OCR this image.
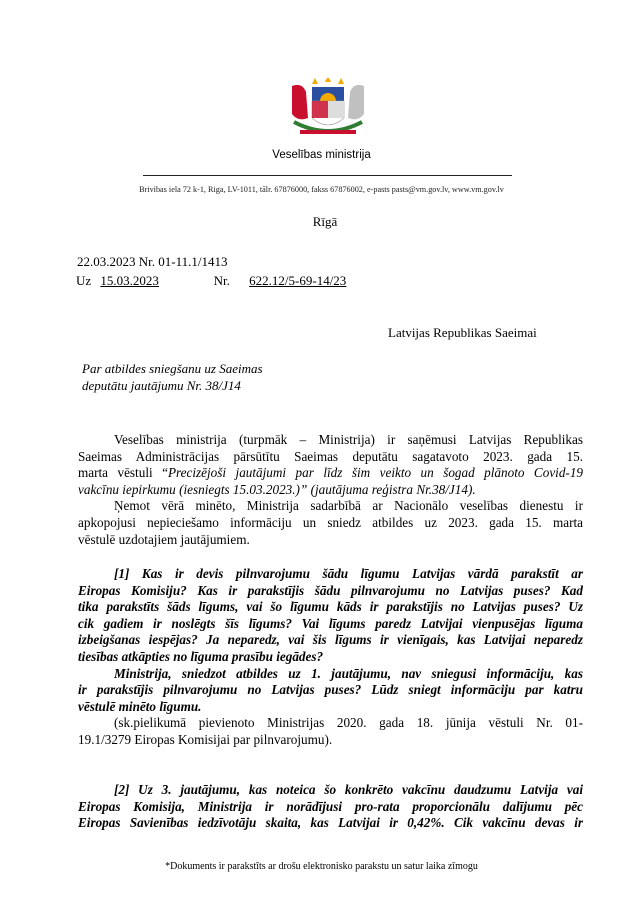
Veselības ministrija
Brivibas iela 72 k-1, Riga, LV-1011, tālr. 67876000, fakss 67876002, e-pasts pasts@vm.gov.lv, www.vm.gov.lv
Rīgā
22.03.2023 Nr. 01-11.1/1413
Uz 15.03.2023	Nr. 622.12/5-69-14/23
Latvijas Republikas Saeimai
Par atbildes sniegšanu uz Saeimas
deputātu jautājumu Nr. 38/J14
Veselības ministrija (turpmāk – Ministrija) ir saņēmusi Latvijas Republikas
Saeimas Administrācijas pārsūtītu Saeimas deputātu sagatavoto 2023. gada 15.
marta vēstuli “Precizējoši jautājumi par līdz šim veikto un šogad plānoto Covid-19
vakcīnu iepirkumu (iesniegts 15.03.2023.)” (jautājuma reģistra Nr.38/J14).
Ņemot vērā minēto, Ministrija sadarbībā ar Nacionālo veselības dienestu ir
apkopojusi nepieciešamo informāciju un sniedz atbildes uz 2023. gada 15. marta
vēstulē uzdotajiem jautājumiem.
[1] Kas ir devis pilnvarojumu šādu līgumu Latvijas vārdā parakstīt ar
Eiropas Komisiju? Kas ir parakstījis šādu pilnvarojumu no Latvijas puses? Kad
tika parakstīts šāds līgums, vai šo līgumu kāds ir parakstījis no Latvijas puses? Uz
cik gadiem ir noslēgts šīs līgums? Vai līgums paredz Latvijai vienpusējas līguma
izbeigšanas iespējas? Ja neparedz, vai šis līgums ir vienīgais, kas Latvijai neparedz
tiesības atkāpties no līguma prasību iegādes?
Ministrija, sniedzot atbildes uz 1. jautājumu, nav sniegusi informāciju, kas
ir parakstījis pilnvarojumu no Latvijas puses? Lūdz sniegt informāciju par katru
vēstulē minēto līgumu.
(sk.pielikumā pievienoto Ministrijas 2020. gada 18. jūnija vēstuli Nr. 01-
19.1/3279 Eiropas Komisijai par pilnvarojumu).
[2] Uz 3. jautājumu, kas noteica šo konkrēto vakcīnu daudzumu Latvija vai
Eiropas Komisija, Ministrija ir norādījusi pro-rata proporcionālu dalījumu pēc
Eiropas Savienības iedzīvotāju skaita, kas Latvijai ir 0,42%. Cik vakcīnu devas ir
*Dokuments ir parakstīts ar drošu elektronisko parakstu un satur laika zīmogu
